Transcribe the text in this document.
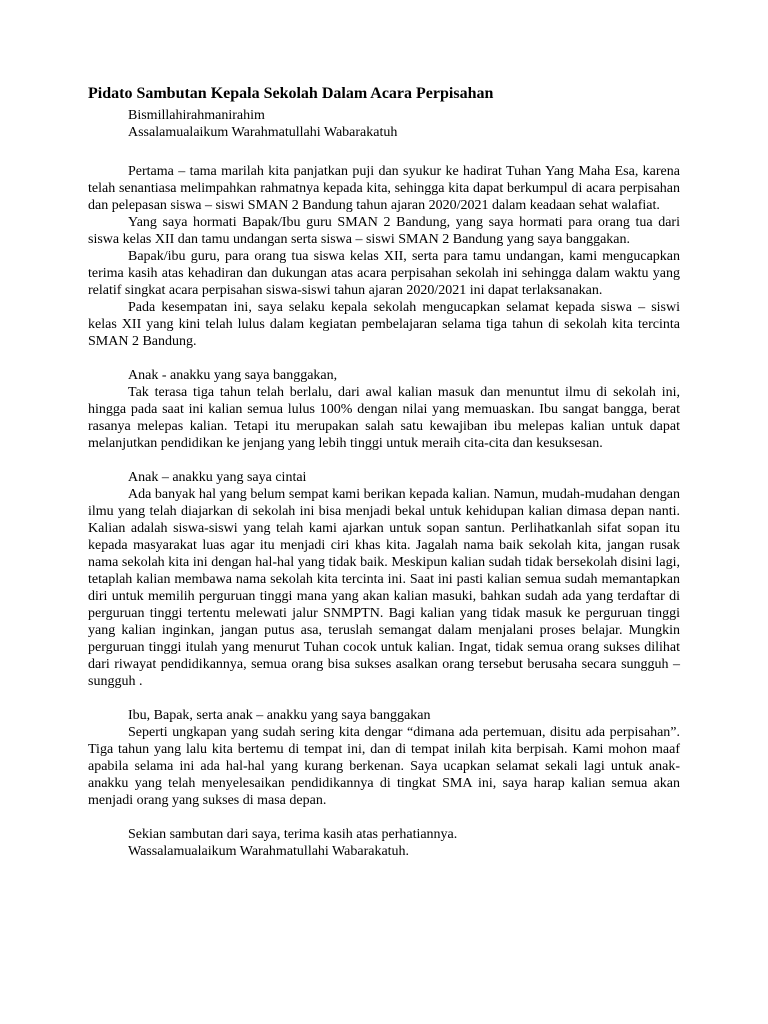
Pidato Sambutan Kepala Sekolah Dalam Acara Perpisahan

Bismillahirahmanirahim

Assalamualaikum Warahmatullahi Wabarakatuh

Pertama – tama marilah kita panjatkan puji dan syukur ke hadirat Tuhan Yang Maha Esa, karena telah senantiasa melimpahkan rahmatnya kepada kita, sehingga kita dapat berkumpul di acara perpisahan dan pelepasan siswa – siswi SMAN 2 Bandung tahun ajaran 2020/2021 dalam keadaan sehat walafiat.

Yang saya hormati Bapak/Ibu guru SMAN 2 Bandung, yang saya hormati para orang tua dari siswa kelas XII dan tamu undangan serta siswa – siswi SMAN 2 Bandung yang saya banggakan.

Bapak/ibu guru, para orang tua siswa kelas XII, serta para tamu undangan, kami mengucapkan terima kasih atas kehadiran dan dukungan atas acara perpisahan sekolah ini sehingga dalam waktu yang relatif singkat acara perpisahan siswa-siswi tahun ajaran 2020/2021 ini dapat terlaksanakan.

Pada kesempatan ini, saya selaku kepala sekolah mengucapkan selamat kepada siswa – siswi kelas XII yang kini telah lulus dalam kegiatan pembelajaran selama tiga tahun di sekolah kita tercinta SMAN 2 Bandung.

Anak - anakku yang saya banggakan,

Tak terasa tiga tahun telah berlalu, dari awal kalian masuk dan menuntut ilmu di sekolah ini, hingga pada saat ini kalian semua lulus 100% dengan nilai yang memuaskan. Ibu sangat bangga, berat rasanya melepas kalian. Tetapi itu merupakan salah satu kewajiban ibu melepas kalian untuk dapat melanjutkan pendidikan ke jenjang yang lebih tinggi untuk meraih cita-cita dan kesuksesan.

Anak – anakku yang saya cintai

Ada banyak hal yang belum sempat kami berikan kepada kalian. Namun, mudah-mudahan dengan ilmu yang telah diajarkan di sekolah ini bisa menjadi bekal untuk kehidupan kalian dimasa depan nanti. Kalian adalah siswa-siswi yang telah kami ajarkan untuk sopan santun. Perlihatkanlah sifat sopan itu kepada masyarakat luas agar itu menjadi ciri khas kita. Jagalah nama baik sekolah kita, jangan rusak nama sekolah kita ini dengan hal-hal yang tidak baik. Meskipun kalian sudah tidak bersekolah disini lagi, tetaplah kalian membawa nama sekolah kita tercinta ini. Saat ini pasti kalian semua sudah memantapkan diri untuk memilih perguruan tinggi mana yang akan kalian masuki, bahkan sudah ada yang terdaftar di perguruan tinggi tertentu melewati jalur SNMPTN. Bagi kalian yang tidak masuk ke perguruan tinggi yang kalian inginkan, jangan putus asa, teruslah semangat dalam menjalani proses belajar. Mungkin perguruan tinggi itulah yang menurut Tuhan cocok untuk kalian. Ingat, tidak semua orang sukses dilihat dari riwayat pendidikannya, semua orang bisa sukses asalkan orang tersebut berusaha secara sungguh – sungguh .

Ibu, Bapak, serta anak – anakku yang saya banggakan

Seperti ungkapan yang sudah sering kita dengar “dimana ada pertemuan, disitu ada perpisahan”. Tiga tahun yang lalu kita bertemu di tempat ini, dan di tempat inilah kita berpisah. Kami mohon maaf apabila selama ini ada hal-hal yang kurang berkenan. Saya ucapkan selamat sekali lagi untuk anak-anakku yang telah menyelesaikan pendidikannya di tingkat SMA ini, saya harap kalian semua akan menjadi orang yang sukses di masa depan.

Sekian sambutan dari saya, terima kasih atas perhatiannya.

Wassalamualaikum Warahmatullahi Wabarakatuh.
